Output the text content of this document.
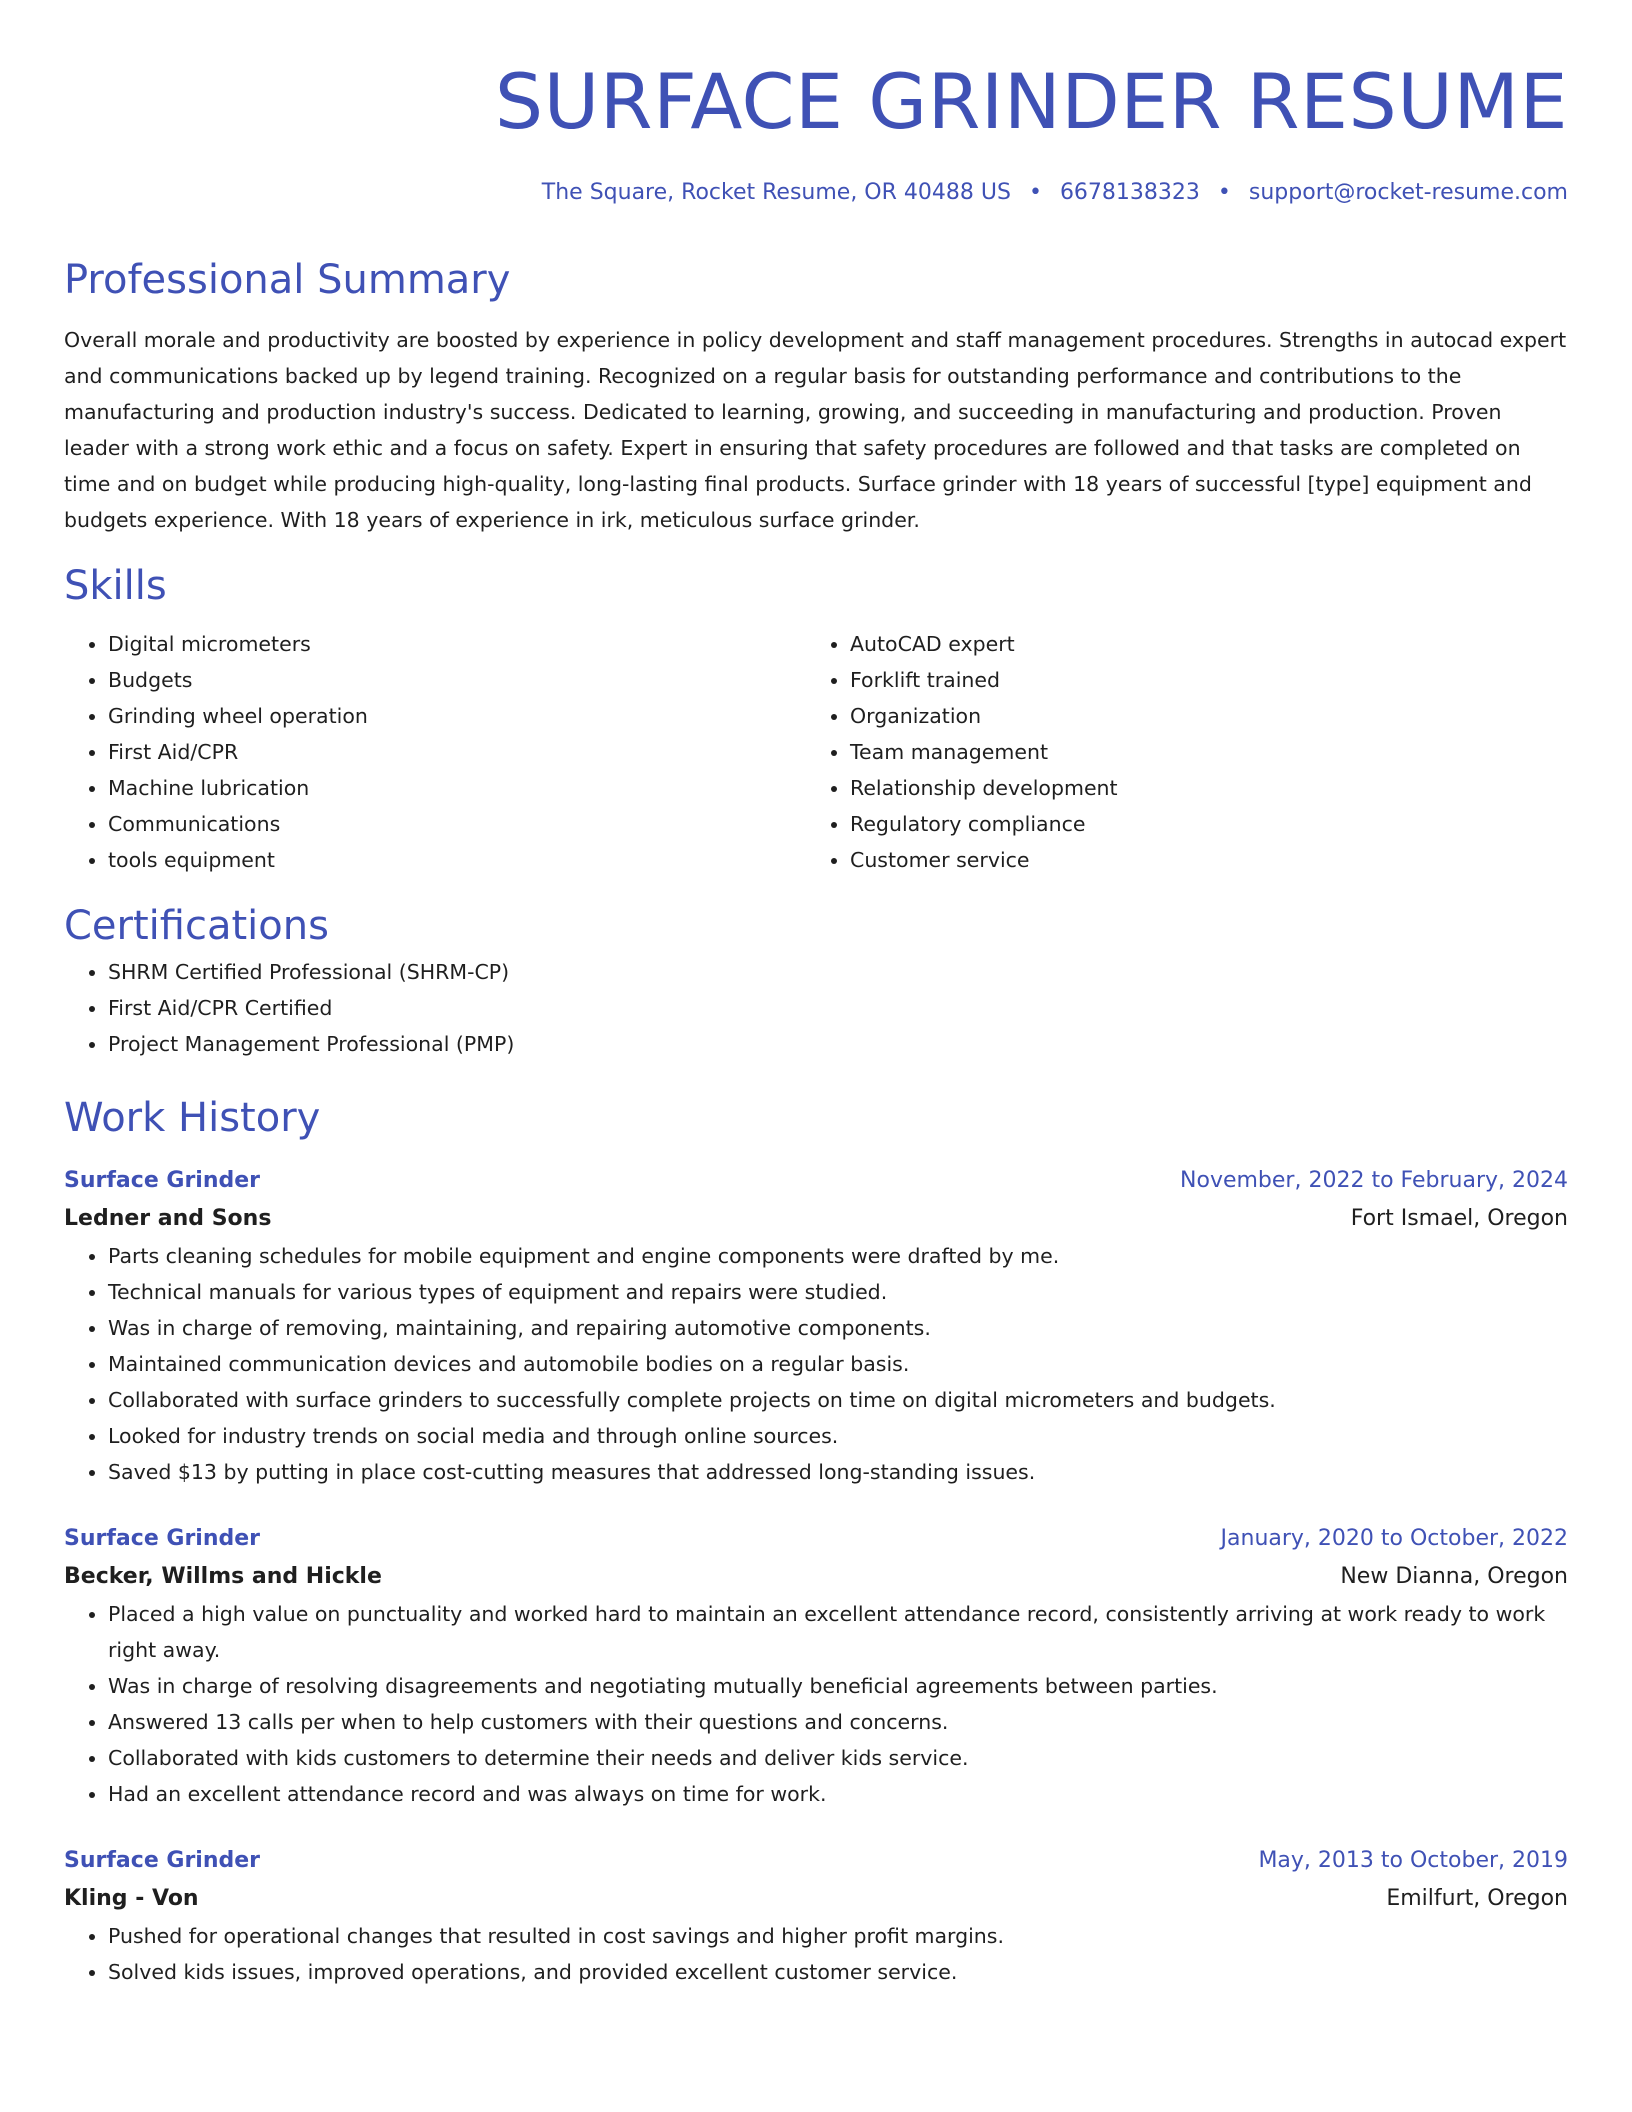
SURFACE GRINDER RESUME
The Square, Rocket Resume, OR 40488 US • 6678138323 • support@rocket-resume.com
Professional Summary
Overall morale and productivity are boosted by experience in policy development and staff management procedures. Strengths in autocad expert and communications backed up by legend training. Recognized on a regular basis for outstanding performance and contributions to the manufacturing and production industry's success. Dedicated to learning, growing, and succeeding in manufacturing and production. Proven leader with a strong work ethic and a focus on safety. Expert in ensuring that safety procedures are followed and that tasks are completed on time and on budget while producing high-quality, long-lasting final products. Surface grinder with 18 years of successful [type] equipment and budgets experience. With 18 years of experience in irk, meticulous surface grinder.
Skills
• Digital micrometers
• Budgets
• Grinding wheel operation
• First Aid/CPR
• Machine lubrication
• Communications
• tools equipment
• AutoCAD expert
• Forklift trained
• Organization
• Team management
• Relationship development
• Regulatory compliance
• Customer service
Certifications
• SHRM Certified Professional (SHRM-CP)
• First Aid/CPR Certified
• Project Management Professional (PMP)
Work History
Surface Grinder	November, 2022 to February, 2024
Ledner and Sons	Fort Ismael, Oregon
• Parts cleaning schedules for mobile equipment and engine components were drafted by me.
• Technical manuals for various types of equipment and repairs were studied.
• Was in charge of removing, maintaining, and repairing automotive components.
• Maintained communication devices and automobile bodies on a regular basis.
• Collaborated with surface grinders to successfully complete projects on time on digital micrometers and budgets.
• Looked for industry trends on social media and through online sources.
• Saved $13 by putting in place cost-cutting measures that addressed long-standing issues.
Surface Grinder	January, 2020 to October, 2022
Becker, Willms and Hickle	New Dianna, Oregon
• Placed a high value on punctuality and worked hard to maintain an excellent attendance record, consistently arriving at work ready to work right away.
• Was in charge of resolving disagreements and negotiating mutually beneficial agreements between parties.
• Answered 13 calls per when to help customers with their questions and concerns.
• Collaborated with kids customers to determine their needs and deliver kids service.
• Had an excellent attendance record and was always on time for work.
Surface Grinder	May, 2013 to October, 2019
Kling - Von	Emilfurt, Oregon
• Pushed for operational changes that resulted in cost savings and higher profit margins.
• Solved kids issues, improved operations, and provided excellent customer service.
